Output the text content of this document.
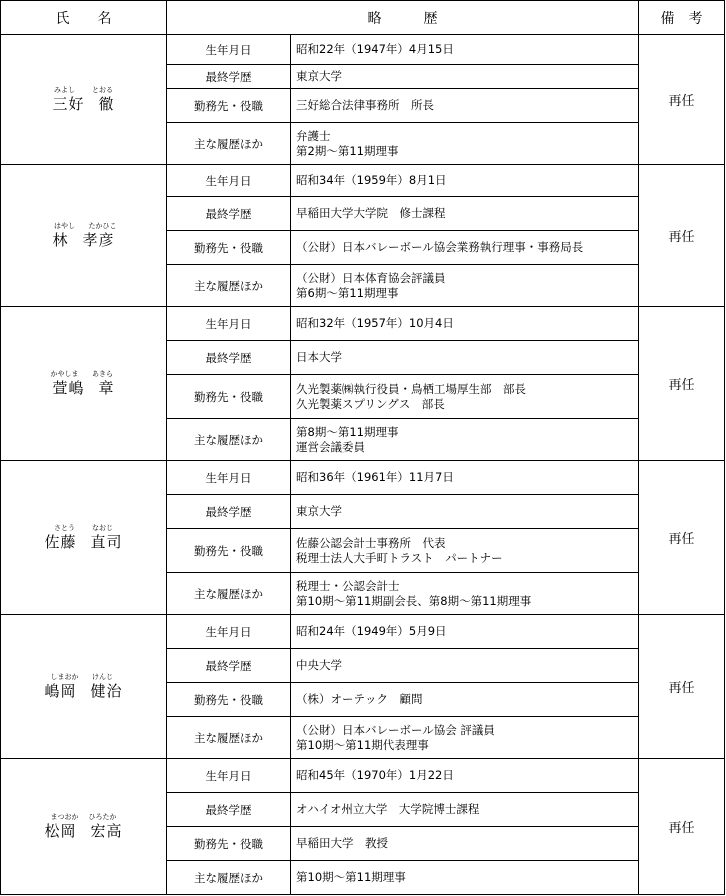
氏　　名	略　　　歴		備　考

みよし とおる
三好 徹	生年月日	昭和22年（1947年）4月15日	再任
	最終学歴	東京大学	

	勤務先・役職	三好総合法律事務所　所長	

	主な履歴ほか	弁護士
第2期～第11期理事	

はやし たかひこ
林 孝彦	生年月日	昭和34年（1959年）8月1日	再任
	最終学歴	早稲田大学大学院　修士課程	

	勤務先・役職	（公財）日本バレーボール協会業務執行理事・事務局長	

	主な履歴ほか	（公財）日本体育協会評議員
第6期～第11期理事	

かやしま あきら
萱嶋 章	生年月日	昭和32年（1957年）10月4日	再任
	最終学歴	日本大学	

	勤務先・役職	久光製薬㈱執行役員・鳥栖工場厚生部　部長
久光製薬スプリングス　部長	

	主な履歴ほか	第8期～第11期理事
運営会議委員	

さとう なおじ
佐藤 直司	生年月日	昭和36年（1961年）11月7日	再任
	最終学歴	東京大学	

	勤務先・役職	佐藤公認会計士事務所　代表
税理士法人大手町トラスト　パートナー	

	主な履歴ほか	税理士・公認会計士
第10期～第11期副会長、第8期～第11期理事	

しまおか けんじ
嶋岡 健治	生年月日	昭和24年（1949年）5月9日	再任
	最終学歴	中央大学	

	勤務先・役職	（株）オーテック　顧問	

	主な履歴ほか	（公財）日本バレーボール協会 評議員
第10期～第11期代表理事	

まつおか ひろたか
松岡 宏高	生年月日	昭和45年（1970年）1月22日	再任
	最終学歴	オハイオ州立大学　大学院博士課程	

	勤務先・役職	早稲田大学　教授	

	主な履歴ほか	第10期～第11期理事	
